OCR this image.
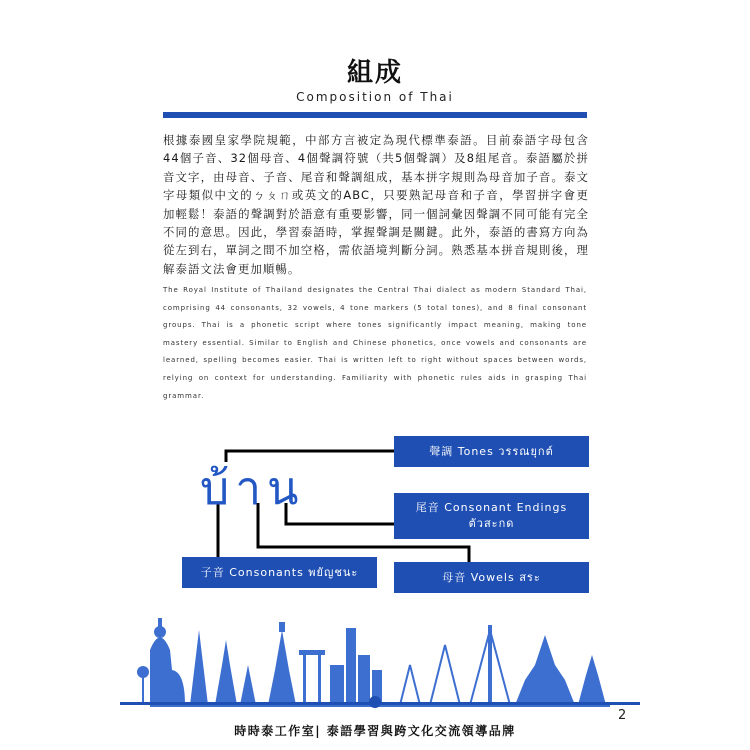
組成
Composition of Thai
根據泰國皇家學院規範，中部方言被定為現代標準泰語。目前泰語字母包含44個子音、32個母音、4個聲調符號（共5個聲調）及8組尾音。泰語屬於拼音文字，由母音、子音、尾音和聲調組成，基本拼字規則為母音加子音。泰文字母類似中文的ㄅㄆㄇ或英文的ABC，只要熟記母音和子音，學習拼字會更加輕鬆！泰語的聲調對於語意有重要影響，同一個詞彙因聲調不同可能有完全不同的意思。因此，學習泰語時，掌握聲調是關鍵。此外，泰語的書寫方向為從左到右，單詞之間不加空格，需依語境判斷分詞。熟悉基本拼音規則後，理解泰語文法會更加順暢。
The Royal Institute of Thailand designates the Central Thai dialect as modern Standard Thai, comprising 44 consonants, 32 vowels, 4 tone markers (5 total tones), and 8 final consonant groups. Thai is a phonetic script where tones significantly impact meaning, making tone mastery essential. Similar to English and Chinese phonetics, once vowels and consonants are learned, spelling becomes easier. Thai is written left to right without spaces between words, relying on context for understanding. Familiarity with phonetic rules aids in grasping Thai grammar.
บ้าน
聲調 Tones วรรณยุกต์
尾音 Consonant Endings
ตัวสะกด
子音 Consonants พยัญชนะ	母音 Vowels สระ
2
時時泰工作室| 泰語學習與跨文化交流領導品牌
